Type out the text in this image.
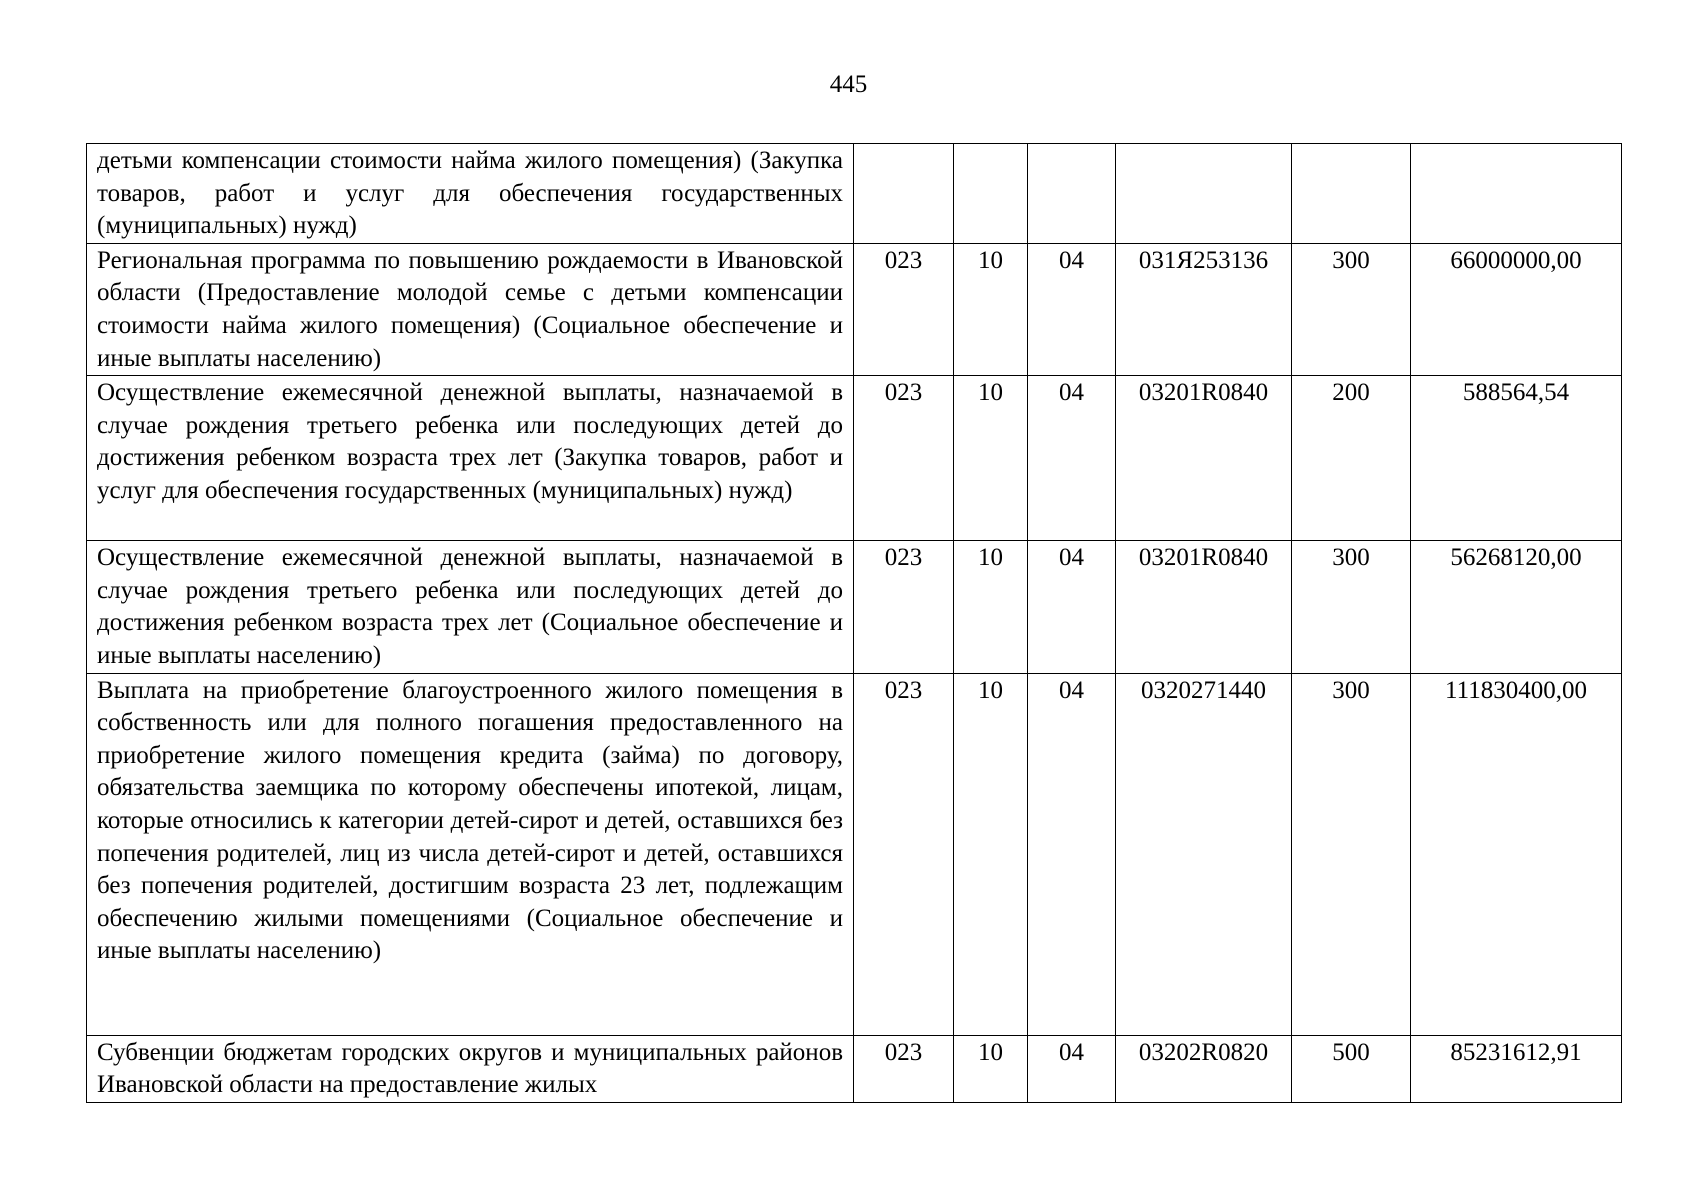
445
детьми компенсации стоимости найма жилого помещения) (Закупка товаров, работ и услуг для обеспечения государственных (муниципальных) нужд)						
Региональная программа по повышению рождаемости в Ивановской области (Предоставление молодой семье с детьми компенсации стоимости найма жилого помещения) (Социальное обеспечение и иные выплаты населению)	023	10	04	031Я253136	300	66000000,00
Осуществление ежемесячной денежной выплаты, назначаемой в случае рождения третьего ребенка или последующих детей до достижения ребенком возраста трех лет (Закупка товаров, работ и услуг для обеспечения государственных (муниципальных) нужд)	023	10	04	03201R0840	200	588564,54
Осуществление ежемесячной денежной выплаты, назначаемой в случае рождения третьего ребенка или последующих детей до достижения ребенком возраста трех лет (Социальное обеспечение и иные выплаты населению)	023	10	04	03201R0840	300	56268120,00
Выплата на приобретение благоустроенного жилого помещения в собственность или для полного погашения предоставленного на приобретение жилого помещения кредита (займа) по договору, обязательства заемщика по которому обеспечены ипотекой, лицам, которые относились к категории детей-сирот и детей, оставшихся без попечения родителей, лиц из числа детей-сирот и детей, оставшихся без попечения родителей, достигшим возраста 23 лет, подлежащим обеспечению жилыми помещениями (Социальное обеспечение и иные выплаты населению)	023	10	04	0320271440	300	111830400,00
Субвенции бюджетам городских округов и муниципальных районов Ивановской области на предоставление жилых	023	10	04	03202R0820	500	85231612,91
